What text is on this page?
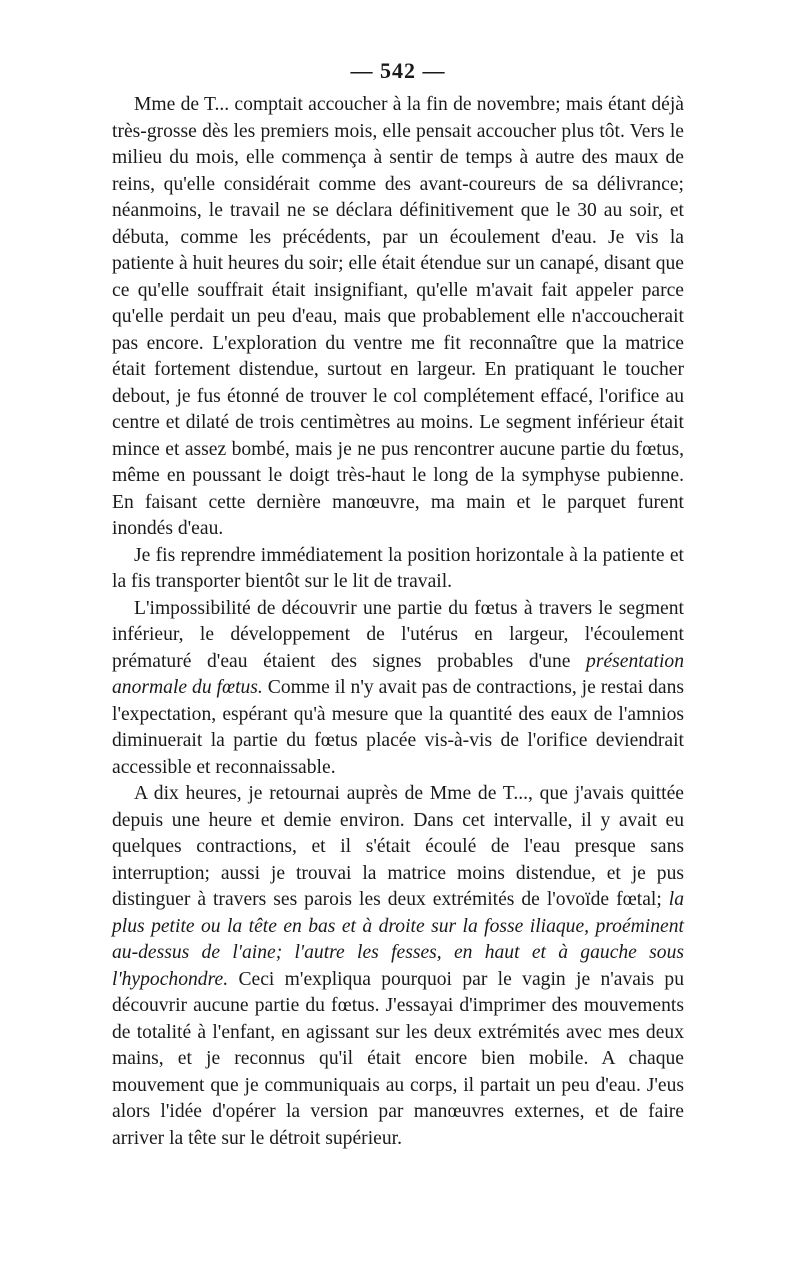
— 542 —

Mme de T... comptait accoucher à la fin de novembre; mais étant déjà très-grosse dès les premiers mois, elle pensait accoucher plus tôt. Vers le milieu du mois, elle commença à sentir de temps à autre des maux de reins, qu'elle considérait comme des avant-coureurs de sa délivrance; néanmoins, le travail ne se déclara définitivement que le 30 au soir, et débuta, comme les précédents, par un écoulement d'eau. Je vis la patiente à huit heures du soir; elle était étendue sur un canapé, disant que ce qu'elle souffrait était insignifiant, qu'elle m'avait fait appeler parce qu'elle perdait un peu d'eau, mais que probablement elle n'accoucherait pas encore. L'exploration du ventre me fit reconnaître que la matrice était fortement distendue, surtout en largeur. En pratiquant le toucher debout, je fus étonné de trouver le col complétement effacé, l'orifice au centre et dilaté de trois centimètres au moins. Le segment inférieur était mince et assez bombé, mais je ne pus rencontrer aucune partie du fœtus, même en poussant le doigt très-haut le long de la symphyse pubienne. En faisant cette dernière manœuvre, ma main et le parquet furent inondés d'eau.

Je fis reprendre immédiatement la position horizontale à la patiente et la fis transporter bientôt sur le lit de travail.

L'impossibilité de découvrir une partie du fœtus à travers le segment inférieur, le développement de l'utérus en largeur, l'écoulement prématuré d'eau étaient des signes probables d'une présentation anormale du fœtus. Comme il n'y avait pas de contractions, je restai dans l'expectation, espérant qu'à mesure que la quantité des eaux de l'amnios diminuerait la partie du fœtus placée vis-à-vis de l'orifice deviendrait accessible et reconnaissable.

A dix heures, je retournai auprès de Mme de T..., que j'avais quittée depuis une heure et demie environ. Dans cet intervalle, il y avait eu quelques contractions, et il s'était écoulé de l'eau presque sans interruption; aussi je trouvai la matrice moins distendue, et je pus distinguer à travers ses parois les deux extrémités de l'ovoïde fœtal; la plus petite ou la tête en bas et à droite sur la fosse iliaque, proéminent au-dessus de l'aine; l'autre les fesses, en haut et à gauche sous l'hypochondre. Ceci m'expliqua pourquoi par le vagin je n'avais pu découvrir aucune partie du fœtus. J'essayai d'imprimer des mouvements de totalité à l'enfant, en agissant sur les deux extrémités avec mes deux mains, et je reconnus qu'il était encore bien mobile. A chaque mouvement que je communiquais au corps, il partait un peu d'eau. J'eus alors l'idée d'opérer la version par manœuvres externes, et de faire arriver la tête sur le détroit supérieur.
